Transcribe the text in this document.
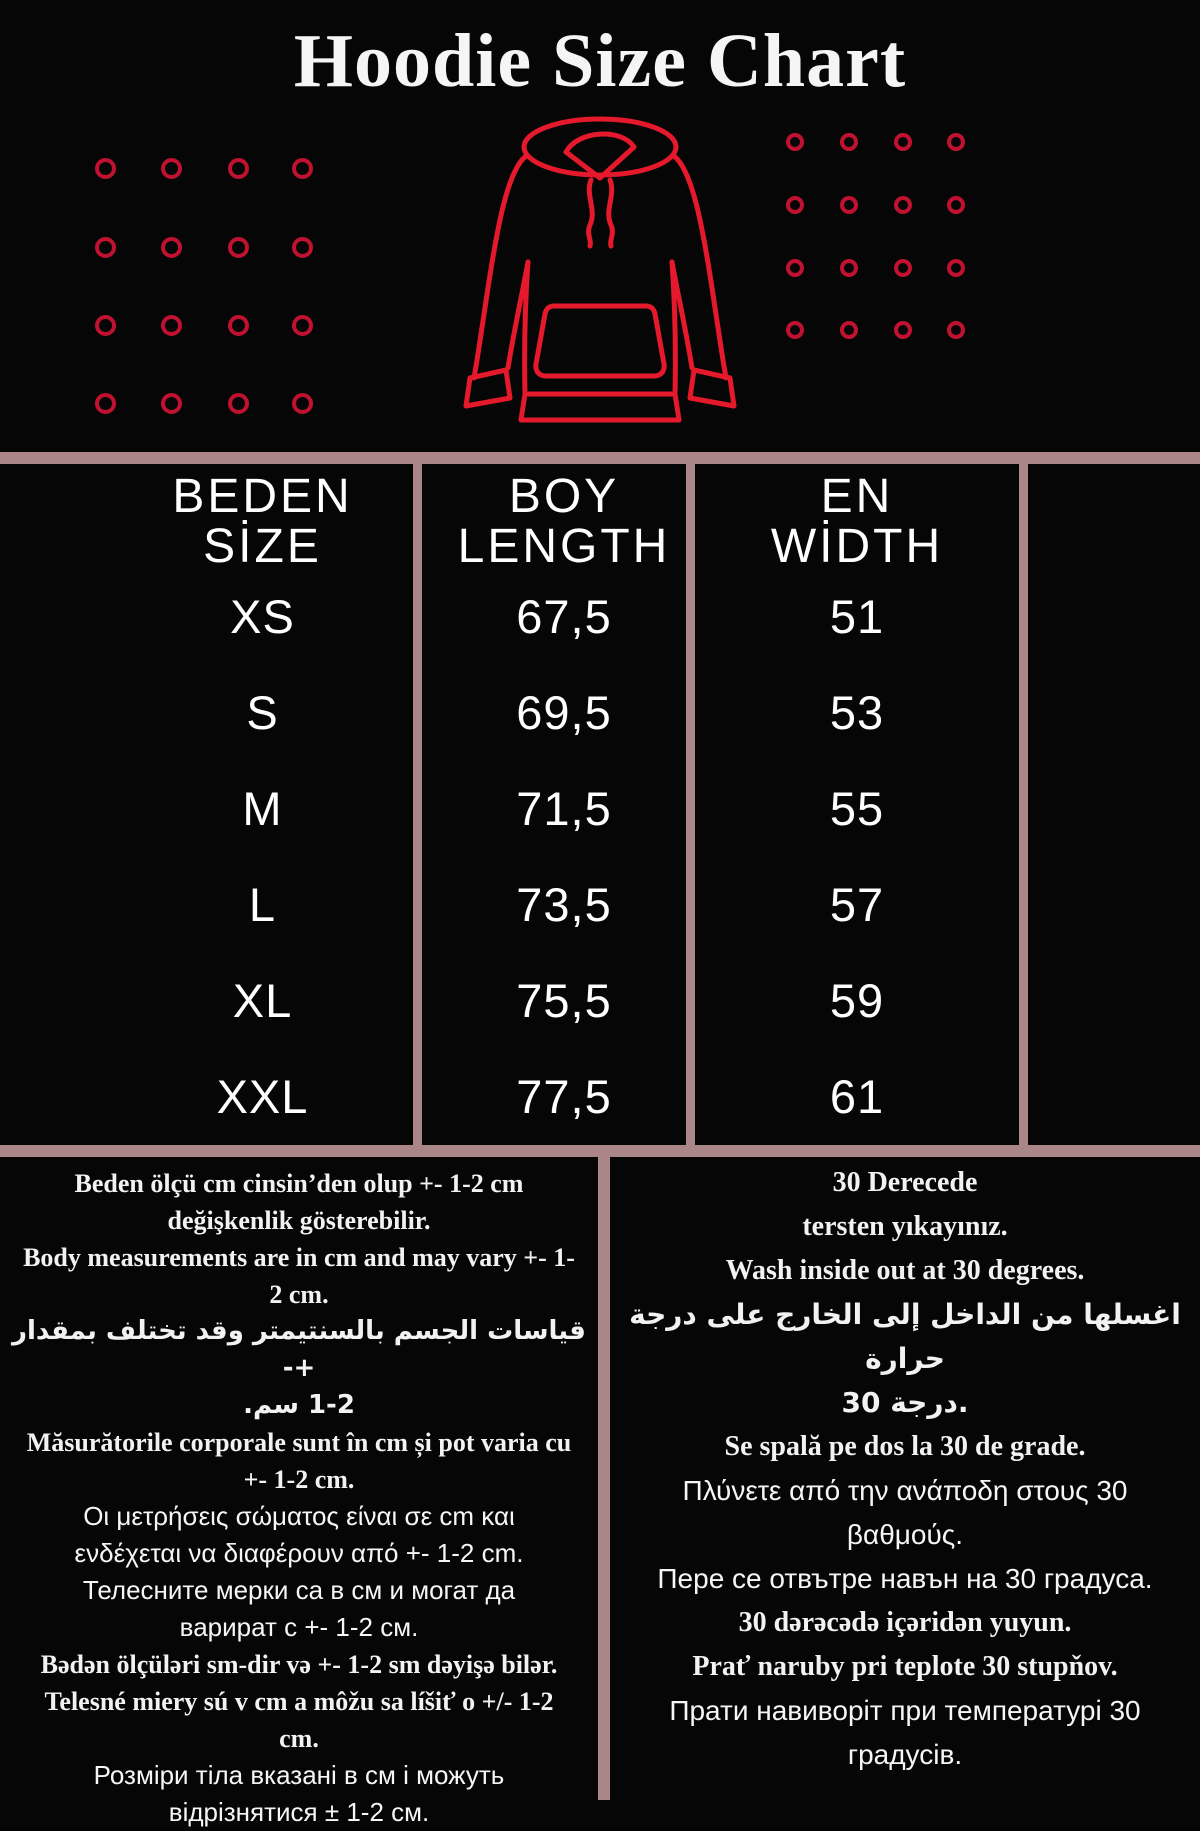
Hoodie Size Chart
BEDEN
SİZE
XS
S
M
L
XL
XXL
BOY
LENGTH
67,5
69,5
71,5
73,5
75,5
77,5
EN
WİDTH
51
53
55
57
59
61
Beden ölçü cm cinsin’den olup +- 1-2 cm
değişkenlik gösterebilir.
Body measurements are in cm and may vary +- 1-
2 cm.
قياسات الجسم بالسنتيمتر وقد تختلف بمقدار +-
1-2 سم.
Măsurătorile corporale sunt în cm și pot varia cu
+- 1-2 cm.
Οι μετρήσεις σώματος είναι σε cm και
ενδέχεται να διαφέρουν από +- 1-2 cm.
Телесните мерки са в см и могат да
варират с +- 1-2 см.
Bədən ölçüləri sm-dir və +- 1-2 sm dəyişə bilər.
Telesné miery sú v cm a môžu sa líšiť o +/- 1-2
cm.
Розміри тіла вказані в см і можуть
відрізнятися ± 1-2 см.
30 Derecede
tersten yıkayınız.
Wash inside out at 30 degrees.
اغسلها من الداخل إلى الخارج على درجة حرارة
30 درجة.
Se spală pe dos la 30 de grade.
Πλύνετε από την ανάποδη στους 30
βαθμούς.
Пере се отвътре навън на 30 градуса.
30 dərəcədə içəridən yuyun.
Prať naruby pri teplote 30 stupňov.
Прати навиворіт при температурі 30
градусів.
